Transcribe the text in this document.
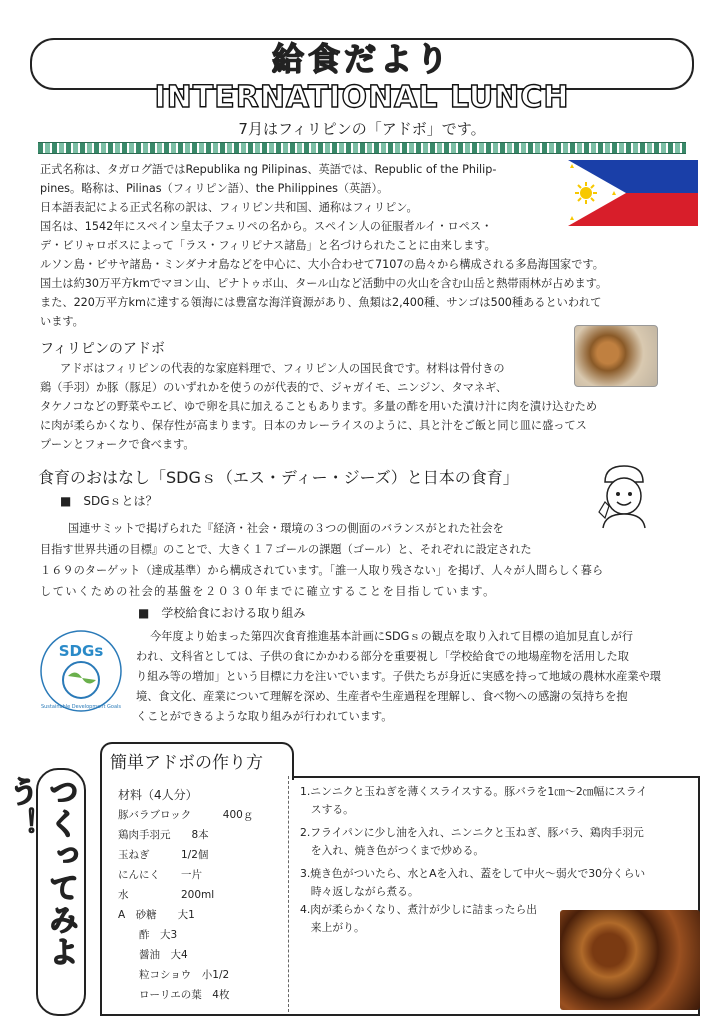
給食だより
INTERNATIONAL LUNCH
7月はフィリピンの「アドボ」です。
正式名称は、タガログ語ではRepublika ng Pilipinas、英語では、Republic of the Philip-
pines。略称は、Pilinas（フィリピン語）、the Philippines（英語）。
日本語表記による正式名称の訳は、フィリピン共和国、通称はフィリピン。
国名は、1542年にスペイン皇太子フェリペの名から。スペイン人の征服者ルイ・ロペス・
デ・ビリャロボスによって「ラス・フィリピナス諸島」と名づけられたことに由来します。
ルソン島・ビサヤ諸島・ミンダナオ島などを中心に、大小合わせて7107の島々から構成される多島海国家です。
国土は約30万平方kmでマヨン山、ピナトゥボ山、タール山など活動中の火山を含む山岳と熱帯雨林が占めます。
また、220万平方kmに達する領海には豊富な海洋資源があり、魚類は2,400種、サンゴは500種あるといわれて
います。
フィリピンのアドボ
アドボはフィリピンの代表的な家庭料理で、フィリピン人の国民食です。材料は骨付きの
鶏（手羽）か豚（豚足）のいずれかを使うのが代表的で、ジャガイモ、ニンジン、タマネギ、
タケノコなどの野菜やエビ、ゆで卵を具に加えることもあります。多量の酢を用いた漬け汁に肉を漬け込むため
に肉が柔らかくなり、保存性が高まります。日本のカレーライスのように、具と汁をご飯と同じ皿に盛ってス
プーンとフォークで食べます。
食育のおはなし「SDGｓ（エス・ディー・ジーズ）と日本の食育」
■　SDGｓとは？
国連サミットで掲げられた『経済・社会・環境の３つの側面のバランスがとれた社会を
目指す世界共通の目標』のことで、大きく１７ゴールの課題（ゴール）と、それぞれに設定された
１６９のターゲット（達成基準）から構成されています。「誰一人取り残さない」を掲げ、人々が人間らしく暮ら
していくための社会的基盤を２０３０年までに確立することを目指しています。
■　学校給食における取り組み
SDGs
Sustainable Development Goals
今年度より始まった第四次食育推進基本計画にSDGｓの観点を取り入れて目標の追加見直しが行
われ、文科省としては、子供の食にかかわる部分を重要視し「学校給食での地場産物を活用した取
り組み等の増加」という目標に力を注いでいます。子供たちが身近に実感を持って地域の農林水産業や環
境、食文化、産業について理解を深め、生産者や生産過程を理解し、食べ物への感謝の気持ちを抱
くことができるような取り組みが行われています。
つくってみよう！
簡単アドボの作り方
材料（4人分）
豚バラブロック　　　400ｇ
鶏肉手羽元　　8本
玉ねぎ　　　1/2個
にんにく　　一片
水　　　　　200ml
A　砂糖　　大1
　　酢　大3
　　醤油　大4
　　粒コショウ　小1/2
　　ローリエの葉　4枚
1.ニンニクと玉ねぎを薄くスライスする。豚バラを1㎝〜2㎝幅にスライ
　スする。
2.フライパンに少し油を入れ、ニンニクと玉ねぎ、豚バラ、鶏肉手羽元
　を入れ、焼き色がつくまで炒める。
3.焼き色がついたら、水とAを入れ、蓋をして中火〜弱火で30分くらい
　時々返しながら煮る。
4.肉が柔らかくなり、煮汁が少しに詰まったら出
　来上がり。
